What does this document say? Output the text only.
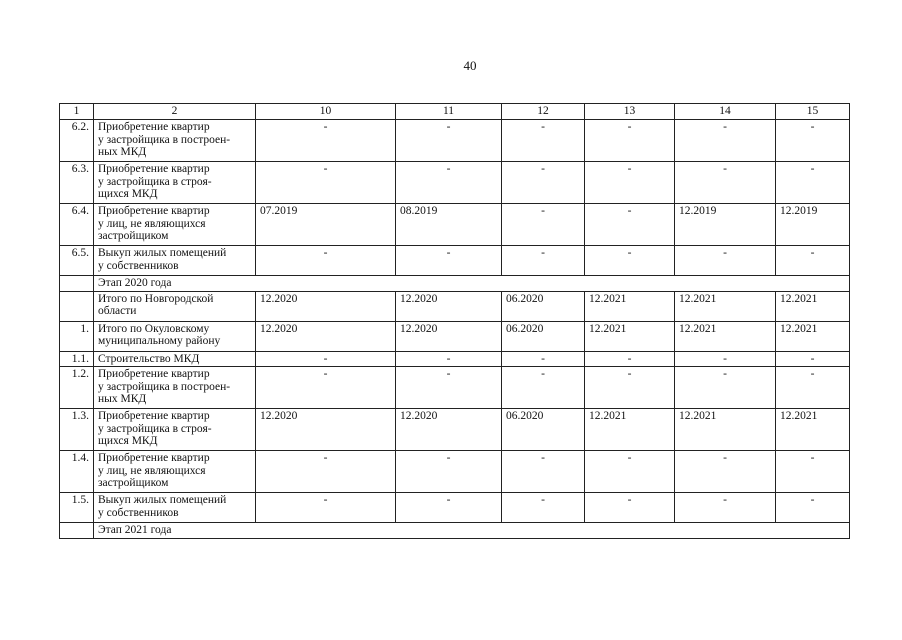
40
1	2	10	11	12	13	14	15
6.2.	Приобретение квартир
у застройщика в построен-
ных МКД	-	-	-	-	-	-
6.3.	Приобретение квартир
у застройщика в строя-
щихся МКД	-	-	-	-	-	-
6.4.	Приобретение квартир
у лиц, не являющихся
застройщиком	07.2019	08.2019	-	-	12.2019	12.2019
6.5.	Выкуп жилых помещений
у собственников	-	-	-	-	-	-
	Этап 2020 года						
	Итого по Новгородской
области	12.2020	12.2020	06.2020	12.2021	12.2021	12.2021
1.	Итого по Окуловскому
муниципальному району	12.2020	12.2020	06.2020	12.2021	12.2021	12.2021
1.1.	Строительство МКД	-	-	-	-	-	-
1.2.	Приобретение квартир
у застройщика в построен-
ных МКД	-	-	-	-	-	-
1.3.	Приобретение квартир
у застройщика в строя-
щихся МКД	12.2020	12.2020	06.2020	12.2021	12.2021	12.2021
1.4.	Приобретение квартир
у лиц, не являющихся
застройщиком	-	-	-	-	-	-
1.5.	Выкуп жилых помещений
у собственников	-	-	-	-	-	-
	Этап 2021 года						
